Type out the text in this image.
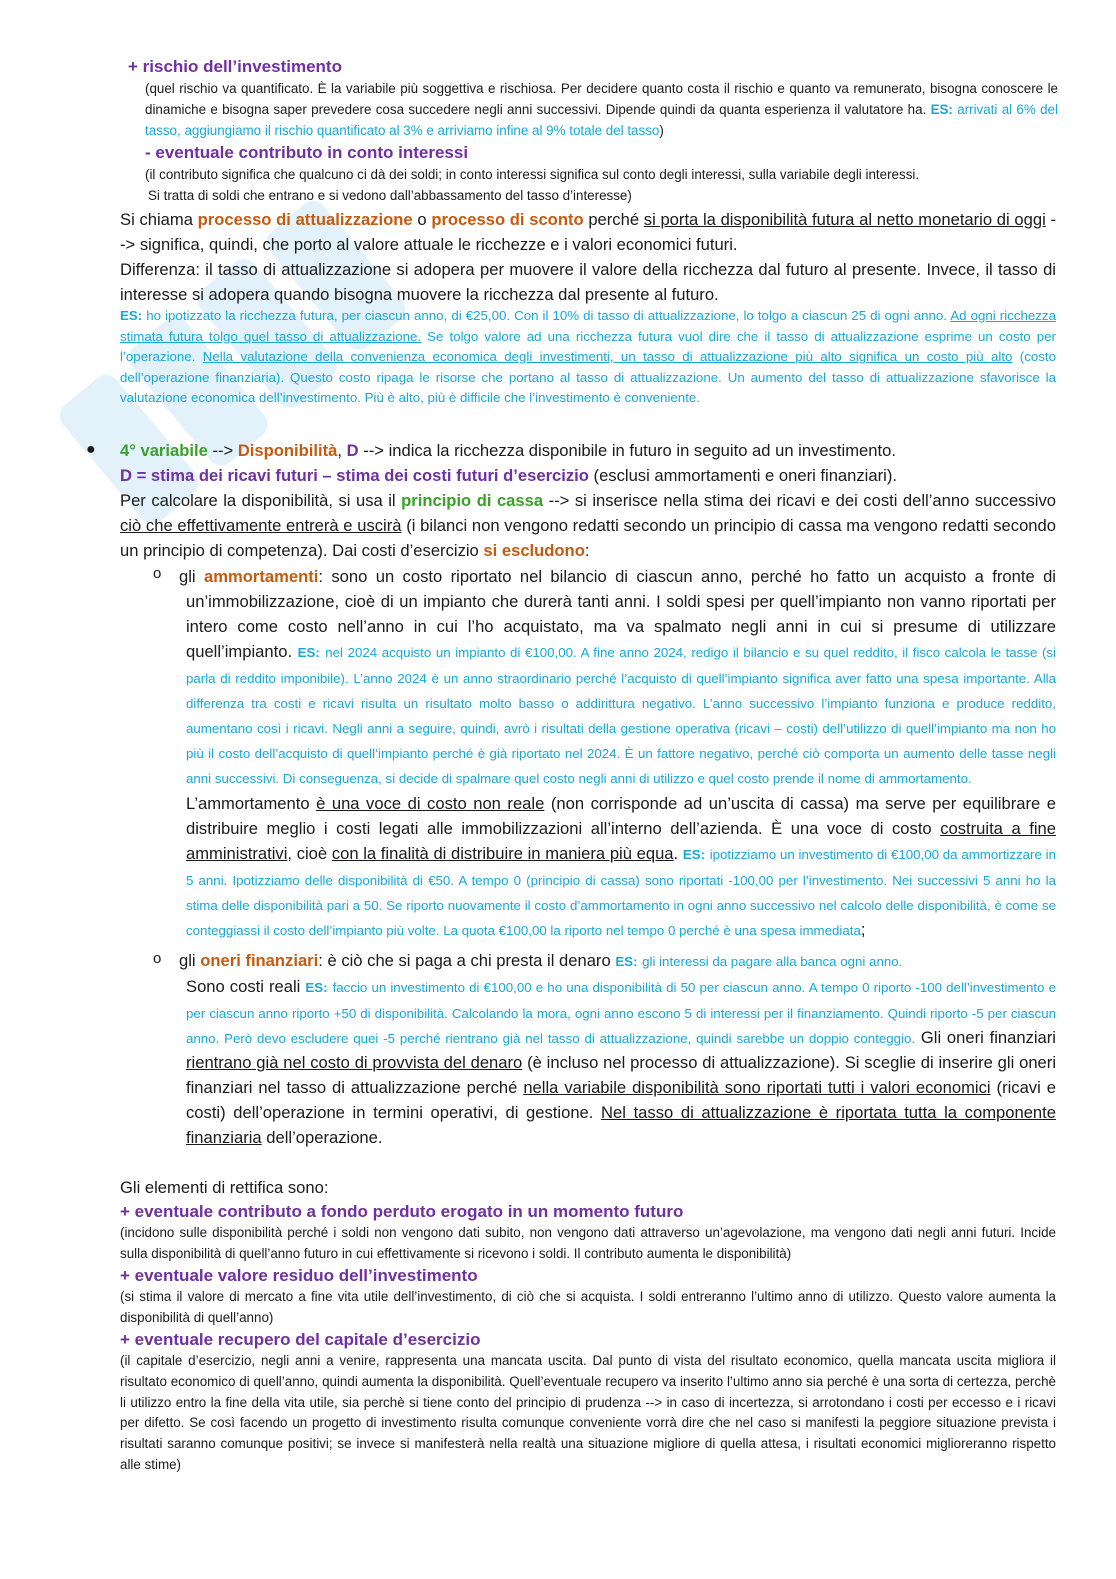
+ rischio dell’investimento

(quel rischio va quantificato. È la variabile più soggettiva e rischiosa. Per decidere quanto costa il rischio e quanto va remunerato, bisogna conoscere le dinamiche e bisogna saper prevedere cosa succedere negli anni successivi. Dipende quindi da quanta esperienza il valutatore ha. ES: arrivati al 6% del tasso, aggiungiamo il rischio quantificato al 3% e arriviamo infine al 9% totale del tasso)

- eventuale contributo in conto interessi

(il contributo significa che qualcuno ci dà dei soldi; in conto interessi significa sul conto degli interessi, sulla variabile degli interessi.

Si tratta di soldi che entrano e si vedono dall’abbassamento del tasso d’interesse)

Si chiama processo di attualizzazione o processo di sconto perché si porta la disponibilità futura al netto monetario di oggi --> significa, quindi, che porto al valore attuale le ricchezze e i valori economici futuri.

Differenza: il tasso di attualizzazione si adopera per muovere il valore della ricchezza dal futuro al presente. Invece, il tasso di interesse si adopera quando bisogna muovere la ricchezza dal presente al futuro.

ES: ho ipotizzato la ricchezza futura, per ciascun anno, di €25,00. Con il 10% di tasso di attualizzazione, lo tolgo a ciascun 25 di ogni anno. Ad ogni ricchezza stimata futura tolgo quel tasso di attualizzazione. Se tolgo valore ad una ricchezza futura vuol dire che il tasso di attualizzazione esprime un costo per l’operazione. Nella valutazione della convenienza economica degli investimenti, un tasso di attualizzazione più alto significa un costo più alto (costo dell’operazione finanziaria). Questo costo ripaga le risorse che portano al tasso di attualizzazione. Un aumento del tasso di attualizzazione sfavorisce la valutazione economica dell’investimento. Più è alto, più è difficile che l’investimento è conveniente.

● 4° variabile --> Disponibilità, D --> indica la ricchezza disponibile in futuro in seguito ad un investimento.

D = stima dei ricavi futuri – stima dei costi futuri d’esercizio (esclusi ammortamenti e oneri finanziari).

Per calcolare la disponibilità, si usa il principio di cassa --> si inserisce nella stima dei ricavi e dei costi dell’anno successivo ciò che effettivamente entrerà e uscirà (i bilanci non vengono redatti secondo un principio di cassa ma vengono redatti secondo un principio di competenza). Dai costi d’esercizio si escludono:

o gli ammortamenti: sono un costo riportato nel bilancio di ciascun anno, perché ho fatto un acquisto a fronte di un’immobilizzazione, cioè di un impianto che durerà tanti anni. I soldi spesi per quell’impianto non vanno riportati per intero come costo nell’anno in cui l’ho acquistato, ma va spalmato negli anni in cui si presume di utilizzare quell’impianto. ES: nel 2024 acquisto un impianto di €100,00. A fine anno 2024, redigo il bilancio e su quel reddito, il fisco calcola le tasse (si parla di reddito imponibile). L’anno 2024 è un anno straordinario perché l’acquisto di quell’impianto significa aver fatto una spesa importante. Alla differenza tra costi e ricavi risulta un risultato molto basso o addirittura negativo. L’anno successivo l’impianto funziona e produce reddito, aumentano così i ricavi. Negli anni a seguire, quindi, avrò i risultati della gestione operativa (ricavi – costi) dell’utilizzo di quell’impianto ma non ho più il costo dell’acquisto di quell’impianto perché è già riportato nel 2024. È un fattore negativo, perché ciò comporta un aumento delle tasse negli anni successivi. Di conseguenza, si decide di spalmare quel costo negli anni di utilizzo e quel costo prende il nome di ammortamento.

L’ammortamento è una voce di costo non reale (non corrisponde ad un’uscita di cassa) ma serve per equilibrare e distribuire meglio i costi legati alle immobilizzazioni all’interno dell’azienda. È una voce di costo costruita a fine amministrativi, cioè con la finalità di distribuire in maniera più equa. ES: ipotizziamo un investimento di €100,00 da ammortizzare in 5 anni. Ipotizziamo delle disponibilità di €50. A tempo 0 (principio di cassa) sono riportati -100,00 per l’investimento. Nei successivi 5 anni ho la stima delle disponibilità pari a 50. Se riporto nuovamente il costo d’ammortamento in ogni anno successivo nel calcolo delle disponibilità, è come se conteggiassi il costo dell’impianto più volte. La quota €100,00 la riporto nel tempo 0 perché è una spesa immediata;

o gli oneri finanziari: è ciò che si paga a chi presta il denaro ES: gli interessi da pagare alla banca ogni anno.

Sono costi reali ES: faccio un investimento di €100,00 e ho una disponibilità di 50 per ciascun anno. A tempo 0 riporto -100 dell’investimento e per ciascun anno riporto +50 di disponibilità. Calcolando la mora, ogni anno escono 5 di interessi per il finanziamento. Quindi riporto -5 per ciascun anno. Però devo escludere quei -5 perché rientrano già nel tasso di attualizzazione, quindi sarebbe un doppio conteggio. Gli oneri finanziari rientrano già nel costo di provvista del denaro (è incluso nel processo di attualizzazione). Si sceglie di inserire gli oneri finanziari nel tasso di attualizzazione perché nella variabile disponibilità sono riportati tutti i valori economici (ricavi e costi) dell’operazione in termini operativi, di gestione. Nel tasso di attualizzazione è riportata tutta la componente finanziaria dell’operazione.

Gli elementi di rettifica sono:

+ eventuale contributo a fondo perduto erogato in un momento futuro

(incidono sulle disponibilità perché i soldi non vengono dati subito, non vengono dati attraverso un’agevolazione, ma vengono dati negli anni futuri. Incide sulla disponibilità di quell’anno futuro in cui effettivamente si ricevono i soldi. Il contributo aumenta le disponibilità)

+ eventuale valore residuo dell’investimento

(si stima il valore di mercato a fine vita utile dell’investimento, di ciò che si acquista. I soldi entreranno l’ultimo anno di utilizzo. Questo valore aumenta la disponibilità di quell’anno)

+ eventuale recupero del capitale d’esercizio

(il capitale d’esercizio, negli anni a venire, rappresenta una mancata uscita. Dal punto di vista del risultato economico, quella mancata uscita migliora il risultato economico di quell’anno, quindi aumenta la disponibilità. Quell’eventuale recupero va inserito l’ultimo anno sia perché è una sorta di certezza, perchè li utilizzo entro la fine della vita utile, sia perchè si tiene conto del principio di prudenza --> in caso di incertezza, si arrotondano i costi per eccesso e i ricavi per difetto. Se così facendo un progetto di investimento risulta comunque conveniente vorrà dire che nel caso si manifesti la peggiore situazione prevista i risultati saranno comunque positivi; se invece si manifesterà nella realtà una situazione migliore di quella attesa, i risultati economici miglioreranno rispetto alle stime)
